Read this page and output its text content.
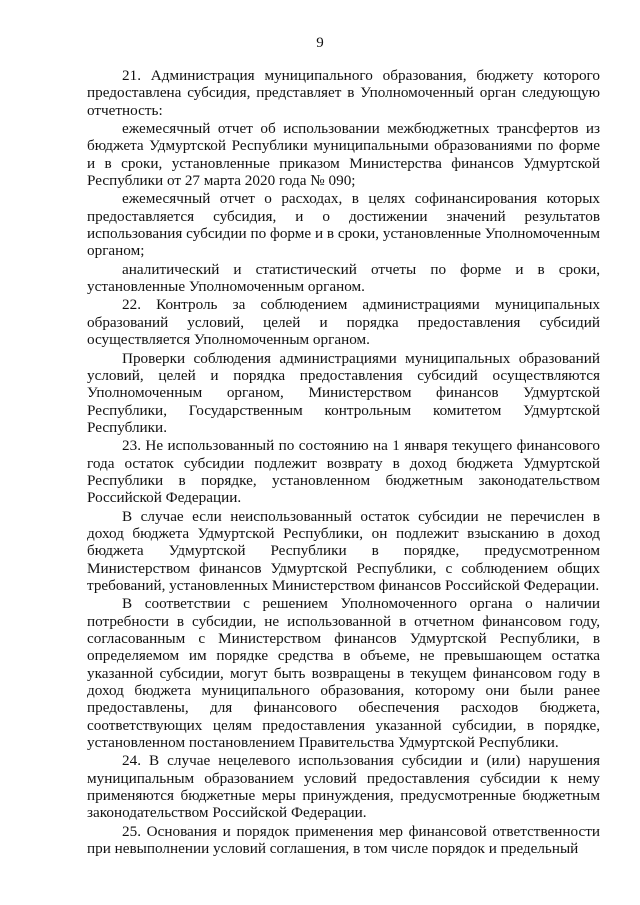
9

21. Администрация муниципального образования, бюджету которого предоставлена субсидия, представляет в Уполномоченный орган следующую отчетность:

ежемесячный отчет об использовании межбюджетных трансфертов из бюджета Удмуртской Республики муниципальными образованиями по форме и в сроки, установленные приказом Министерства финансов Удмуртской Республики от 27 марта 2020 года № 090;

ежемесячный отчет о расходах, в целях софинансирования которых предоставляется субсидия, и о достижении значений результатов использования субсидии по форме и в сроки, установленные Уполномоченным органом;

аналитический и статистический отчеты по форме и в сроки, установленные Уполномоченным органом.

22. Контроль за соблюдением администрациями муниципальных образований условий, целей и порядка предоставления субсидий осуществляется Уполномоченным органом.

Проверки соблюдения администрациями муниципальных образований условий, целей и порядка предоставления субсидий осуществляются Уполномоченным органом, Министерством финансов Удмуртской Республики, Государственным контрольным комитетом Удмуртской Республики.

23. Не использованный по состоянию на 1 января текущего финансового года остаток субсидии подлежит возврату в доход бюджета Удмуртской Республики в порядке, установленном бюджетным законодательством Российской Федерации.

В случае если неиспользованный остаток субсидии не перечислен в доход бюджета Удмуртской Республики, он подлежит взысканию в доход бюджета Удмуртской Республики в порядке, предусмотренном Министерством финансов Удмуртской Республики, с соблюдением общих требований, установленных Министерством финансов Российской Федерации.

В соответствии с решением Уполномоченного органа о наличии потребности в субсидии, не использованной в отчетном финансовом году, согласованным с Министерством финансов Удмуртской Республики, в определяемом им порядке средства в объеме, не превышающем остатка указанной субсидии, могут быть возвращены в текущем финансовом году в доход бюджета муниципального образования, которому они были ранее предоставлены, для финансового обеспечения расходов бюджета, соответствующих целям предоставления указанной субсидии, в порядке, установленном постановлением Правительства Удмуртской Республики.

24. В случае нецелевого использования субсидии и (или) нарушения муниципальным образованием условий предоставления субсидии к нему применяются бюджетные меры принуждения, предусмотренные бюджетным законодательством Российской Федерации.

25. Основания и порядок применения мер финансовой ответственности при невыполнении условий соглашения, в том числе порядок и предельный
